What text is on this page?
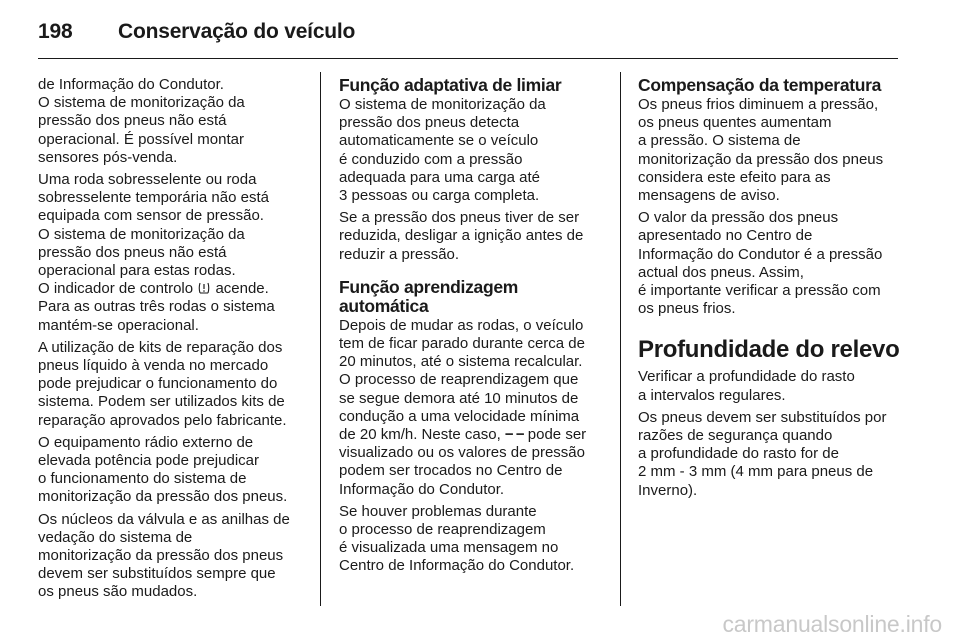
198	Conservação do veículo

de Informação do Condutor.
O sistema de monitorização da
pressão dos pneus não está
operacional. É possível montar
sensores pós-venda.

Uma roda sobresselente ou roda
sobresselente temporária não está
equipada com sensor de pressão.
O sistema de monitorização da
pressão dos pneus não está
operacional para estas rodas.
O indicador de controlo acende.
Para as outras três rodas o sistema
mantém-se operacional.

A utilização de kits de reparação dos
pneus líquido à venda no mercado
pode prejudicar o funcionamento do
sistema. Podem ser utilizados kits de
reparação aprovados pelo fabricante.

O equipamento rádio externo de
elevada potência pode prejudicar
o funcionamento do sistema de
monitorização da pressão dos pneus.

Os núcleos da válvula e as anilhas de
vedação do sistema de
monitorização da pressão dos pneus
devem ser substituídos sempre que
os pneus são mudados.

Função adaptativa de limiar

O sistema de monitorização da
pressão dos pneus detecta
automaticamente se o veículo
é conduzido com a pressão
adequada para uma carga até
3 pessoas ou carga completa.

Se a pressão dos pneus tiver de ser
reduzida, desligar a ignição antes de
reduzir a pressão.

Função aprendizagem
automática

Depois de mudar as rodas, o veículo
tem de ficar parado durante cerca de
20 minutos, até o sistema recalcular.
O processo de reaprendizagem que
se segue demora até 10 minutos de
condução a uma velocidade mínima
de 20 km/h. Neste caso, − − pode ser
visualizado ou os valores de pressão
podem ser trocados no Centro de
Informação do Condutor.

Se houver problemas durante
o processo de reaprendizagem
é visualizada uma mensagem no
Centro de Informação do Condutor.

Compensação da temperatura

Os pneus frios diminuem a pressão,
os pneus quentes aumentam
a pressão. O sistema de
monitorização da pressão dos pneus
considera este efeito para as
mensagens de aviso.

O valor da pressão dos pneus
apresentado no Centro de
Informação do Condutor é a pressão
actual dos pneus. Assim,
é importante verificar a pressão com
os pneus frios.

Profundidade do relevo

Verificar a profundidade do rasto
a intervalos regulares.

Os pneus devem ser substituídos por
razões de segurança quando
a profundidade do rasto for de
2 mm - 3 mm (4 mm para pneus de
Inverno).

carmanualsonline.info
